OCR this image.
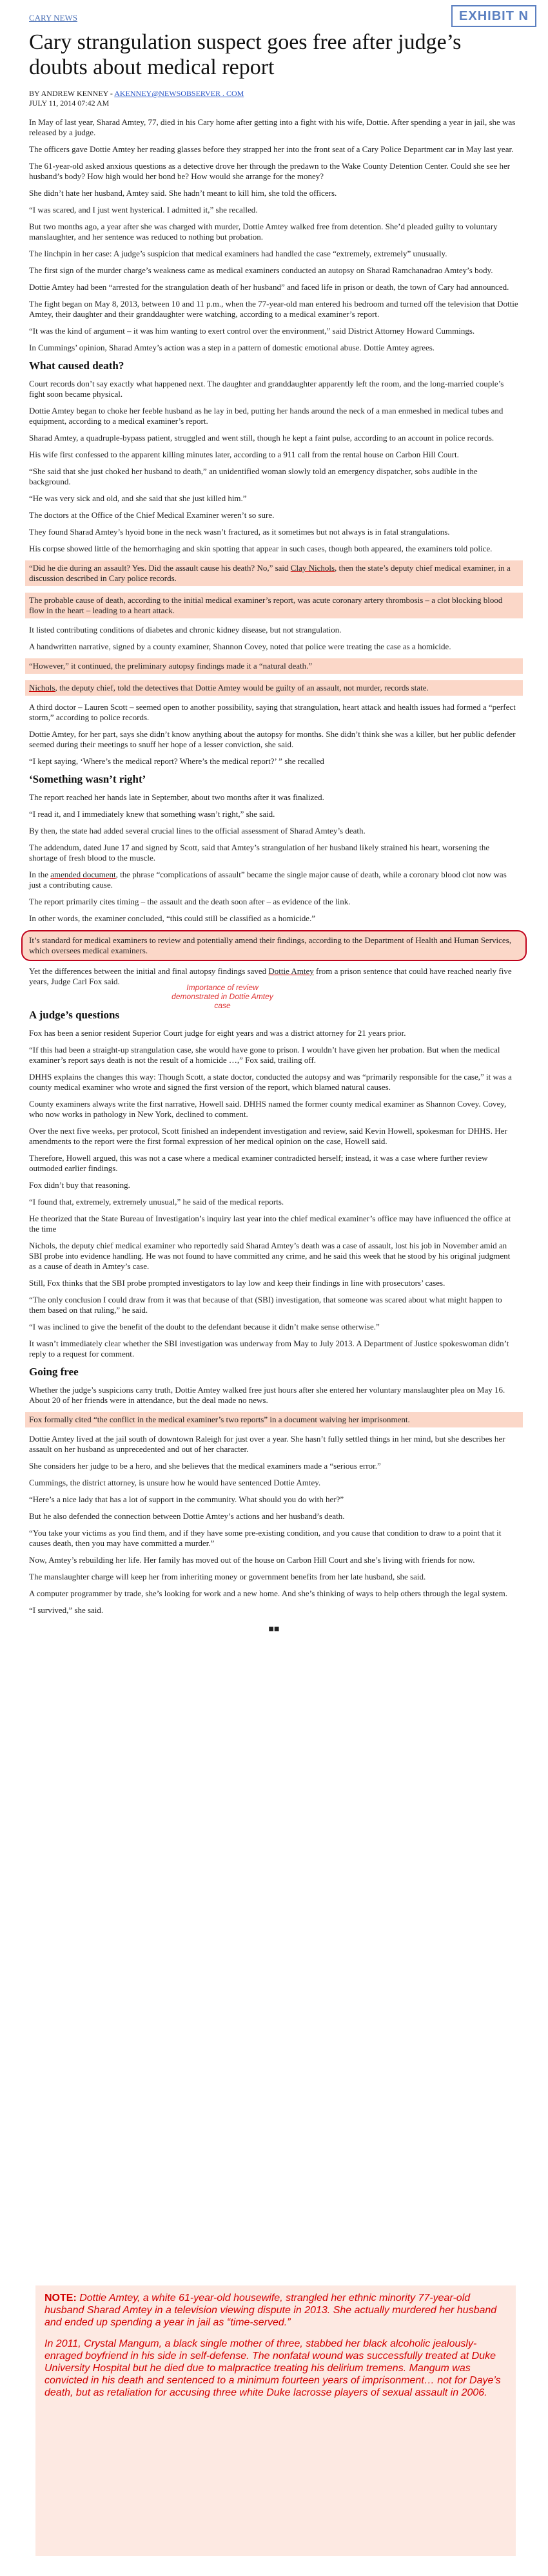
EXHIBIT N
CARY NEWS
Cary strangulation suspect goes free after judge’s doubts about medical report
BY ANDREW KENNEY - AKENNEY@NEWSOBSERVER . COM
JULY 11, 2014 07:42 AM

In May of last year, Sharad Amtey, 77, died in his Cary home after getting into a fight with his wife, Dottie. After spending a year in jail, she was released by a judge.

The officers gave Dottie Amtey her reading glasses before they strapped her into the front seat of a Cary Police Department car in May last year.

The 61-year-old asked anxious questions as a detective drove her through the predawn to the Wake County Detention Center. Could she see her husband’s body? How high would her bond be? How would she arrange for the money?

She didn’t hate her husband, Amtey said. She hadn’t meant to kill him, she told the officers.

“I was scared, and I just went hysterical. I admitted it,” she recalled.

But two months ago, a year after she was charged with murder, Dottie Amtey walked free from detention. She’d pleaded guilty to voluntary manslaughter, and her sentence was reduced to nothing but probation.

The linchpin in her case: A judge’s suspicion that medical examiners had handled the case “extremely, extremely” unusually.

The first sign of the murder charge’s weakness came as medical examiners conducted an autopsy on Sharad Ramchanadrao Amtey’s body.

Dottie Amtey had been “arrested for the strangulation death of her husband” and faced life in prison or death, the town of Cary had announced.

The fight began on May 8, 2013, between 10 and 11 p.m., when the 77-year-old man entered his bedroom and turned off the television that Dottie Amtey, their daughter and their granddaughter were watching, according to a medical examiner’s report.

“It was the kind of argument – it was him wanting to exert control over the environment,” said District Attorney Howard Cummings.

In Cummings’ opinion, Sharad Amtey’s action was a step in a pattern of domestic emotional abuse. Dottie Amtey agrees.

What caused death?

Court records don’t say exactly what happened next. The daughter and granddaughter apparently left the room, and the long-married couple’s fight soon became physical.

Dottie Amtey began to choke her feeble husband as he lay in bed, putting her hands around the neck of a man enmeshed in medical tubes and equipment, according to a medical examiner’s report.

Sharad Amtey, a quadruple-bypass patient, struggled and went still, though he kept a faint pulse, according to an account in police records.

His wife first confessed to the apparent killing minutes later, according to a 911 call from the rental house on Carbon Hill Court.

“She said that she just choked her husband to death,” an unidentified woman slowly told an emergency dispatcher, sobs audible in the background.

“He was very sick and old, and she said that she just killed him.”

The doctors at the Office of the Chief Medical Examiner weren’t so sure.

They found Sharad Amtey’s hyoid bone in the neck wasn’t fractured, as it sometimes but not always is in fatal strangulations.

His corpse showed little of the hemorrhaging and skin spotting that appear in such cases, though both appeared, the examiners told police.

“Did he die during an assault? Yes. Did the assault cause his death? No,” said Clay Nichols, then the state’s deputy chief medical examiner, in a discussion described in Cary police records.

The probable cause of death, according to the initial medical examiner’s report, was acute coronary artery thrombosis – a clot blocking blood flow in the heart – leading to a heart attack.

It listed contributing conditions of diabetes and chronic kidney disease, but not strangulation.

A handwritten narrative, signed by a county examiner, Shannon Covey, noted that police were treating the case as a homicide.

“However,” it continued, the preliminary autopsy findings made it a “natural death.”

Nichols, the deputy chief, told the detectives that Dottie Amtey would be guilty of an assault, not murder, records state.

A third doctor – Lauren Scott – seemed open to another possibility, saying that strangulation, heart attack and health issues had formed a “perfect storm,” according to police records.

Dottie Amtey, for her part, says she didn’t know anything about the autopsy for months. She didn’t think she was a killer, but her public defender seemed during their meetings to snuff her hope of a lesser conviction, she said.

“I kept saying, ‘Where’s the medical report? Where’s the medical report?’ ” she recalled

‘Something wasn’t right’

The report reached her hands late in September, about two months after it was finalized.

“I read it, and I immediately knew that something wasn’t right,” she said.

By then, the state had added several crucial lines to the official assessment of Sharad Amtey’s death.

The addendum, dated June 17 and signed by Scott, said that Amtey’s strangulation of her husband likely strained his heart, worsening the shortage of fresh blood to the muscle.

In the amended document, the phrase “complications of assault” became the single major cause of death, while a coronary blood clot now was just a contributing cause.

The report primarily cites timing – the assault and the death soon after – as evidence of the link.

In other words, the examiner concluded, “this could still be classified as a homicide.”

It’s standard for medical examiners to review and potentially amend their findings, according to the Department of Health and Human Services, which oversees medical examiners.

Yet the differences between the initial and final autopsy findings saved Dottie Amtey from a prison sentence that could have reached nearly five years, Judge Carl Fox said.

Importance of review demonstrated in Dottie Amtey case
A judge’s questions

Fox has been a senior resident Superior Court judge for eight years and was a district attorney for 21 years prior.

“If this had been a straight-up strangulation case, she would have gone to prison. I wouldn’t have given her probation. But when the medical examiner’s report says death is not the result of a homicide …,” Fox said, trailing off.

DHHS explains the changes this way: Though Scott, a state doctor, conducted the autopsy and was “primarily responsible for the case,” it was a county medical examiner who wrote and signed the first version of the report, which blamed natural causes.

County examiners always write the first narrative, Howell said. DHHS named the former county medical examiner as Shannon Covey. Covey, who now works in pathology in New York, declined to comment.

Over the next five weeks, per protocol, Scott finished an independent investigation and review, said Kevin Howell, spokesman for DHHS. Her amendments to the report were the first formal expression of her medical opinion on the case, Howell said.

Therefore, Howell argued, this was not a case where a medical examiner contradicted herself; instead, it was a case where further review outmoded earlier findings.

Fox didn’t buy that reasoning.

“I found that, extremely, extremely unusual,” he said of the medical reports.

He theorized that the State Bureau of Investigation’s inquiry last year into the chief medical examiner’s office may have influenced the office at the time

Nichols, the deputy chief medical examiner who reportedly said Sharad Amtey’s death was a case of assault, lost his job in November amid an SBI probe into evidence handling. He was not found to have committed any crime, and he said this week that he stood by his original judgment as a cause of death in Amtey’s case.

Still, Fox thinks that the SBI probe prompted investigators to lay low and keep their findings in line with prosecutors’ cases.

“The only conclusion I could draw from it was that because of that (SBI) investigation, that someone was scared about what might happen to them based on that ruling,” he said.

“I was inclined to give the benefit of the doubt to the defendant because it didn’t make sense otherwise.”

It wasn’t immediately clear whether the SBI investigation was underway from May to July 2013. A Department of Justice spokeswoman didn’t reply to a request for comment.

Going free

Whether the judge’s suspicions carry truth, Dottie Amtey walked free just hours after she entered her voluntary manslaughter plea on May 16. About 20 of her friends were in attendance, but the deal made no news.

Fox formally cited “the conflict in the medical examiner’s two reports” in a document waiving her imprisonment.

Dottie Amtey lived at the jail south of downtown Raleigh for just over a year. She hasn’t fully settled things in her mind, but she describes her assault on her husband as unprecedented and out of her character.

She considers her judge to be a hero, and she believes that the medical examiners made a “serious error.”

Cummings, the district attorney, is unsure how he would have sentenced Dottie Amtey.

“Here’s a nice lady that has a lot of support in the community. What should you do with her?”

But he also defended the connection between Dottie Amtey’s actions and her husband’s death.

“You take your victims as you find them, and if they have some pre-existing condition, and you cause that condition to draw to a point that it causes death, then you may have committed a murder.”

Now, Amtey’s rebuilding her life. Her family has moved out of the house on Carbon Hill Court and she’s living with friends for now.

The manslaughter charge will keep her from inheriting money or government benefits from her late husband, she said.

A computer programmer by trade, she’s looking for work and a new home. And she’s thinking of ways to help others through the legal system.

“I survived,” she said.

■■

NOTE: Dottie Amtey, a white 61-year-old housewife, strangled her ethnic minority 77-year-old husband Sharad Amtey in a television viewing dispute in 2013. She actually murdered her husband and ended up spending a year in jail as “time-served.”

In 2011, Crystal Mangum, a black single mother of three, stabbed her black alcoholic jealously-enraged boyfriend in his side in self-defense. The nonfatal wound was successfully treated at Duke University Hospital but he died due to malpractice treating his delirium tremens. Mangum was convicted in his death and sentenced to a minimum fourteen years of imprisonment… not for Daye’s death, but as retaliation for accusing three white Duke lacrosse players of sexual assault in 2006.
